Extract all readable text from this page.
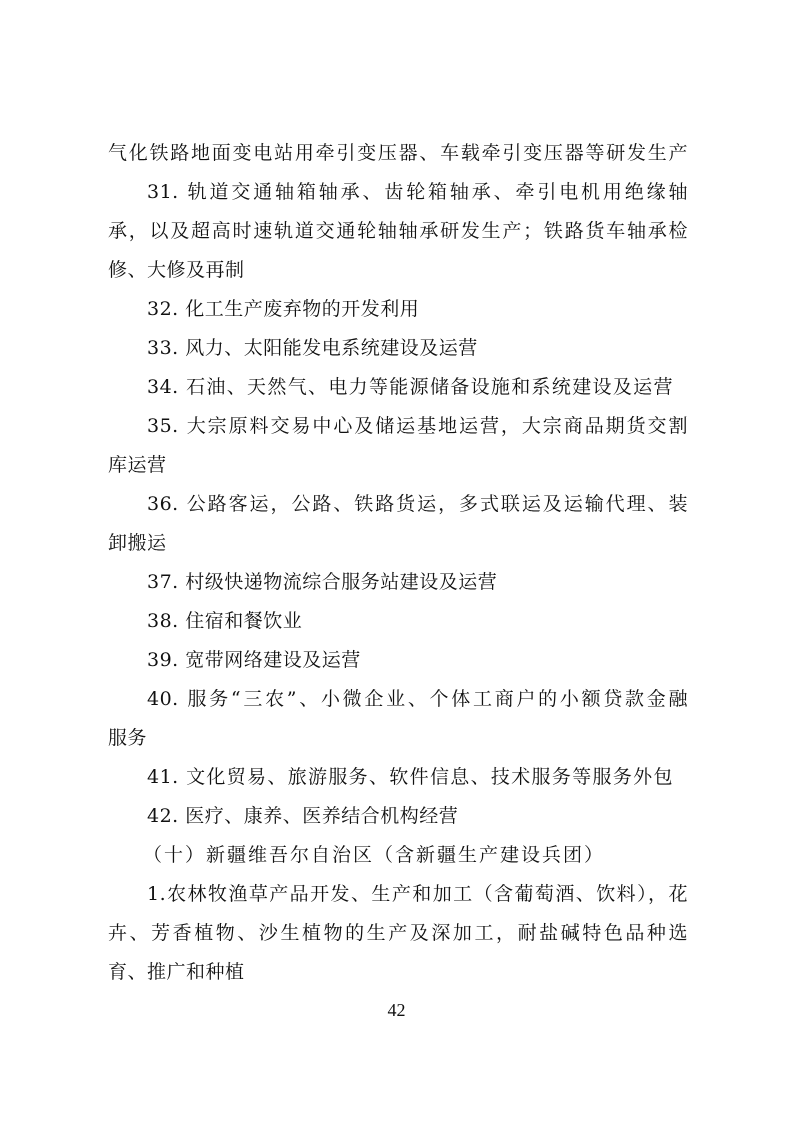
气化铁路地面变电站用牵引变压器、车载牵引变压器等研发生产
31. 轨道交通轴箱轴承、齿轮箱轴承、牵引电机用绝缘轴
承，以及超高时速轨道交通轮轴轴承研发生产；铁路货车轴承检
修、大修及再制
32. 化工生产废弃物的开发利用
33. 风力、太阳能发电系统建设及运营
34. 石油、天然气、电力等能源储备设施和系统建设及运营
35. 大宗原料交易中心及储运基地运营，大宗商品期货交割
库运营
36. 公路客运，公路、铁路货运，多式联运及运输代理、装
卸搬运
37. 村级快递物流综合服务站建设及运营
38. 住宿和餐饮业
39. 宽带网络建设及运营
40. 服务“三农”、小微企业、个体工商户的小额贷款金融
服务
41. 文化贸易、旅游服务、软件信息、技术服务等服务外包
42. 医疗、康养、医养结合机构经营
（十）新疆维吾尔自治区（含新疆生产建设兵团）
1.农林牧渔草产品开发、生产和加工（含葡萄酒、饮料），花
卉、芳香植物、沙生植物的生产及深加工，耐盐碱特色品种选
育、推广和种植
42
